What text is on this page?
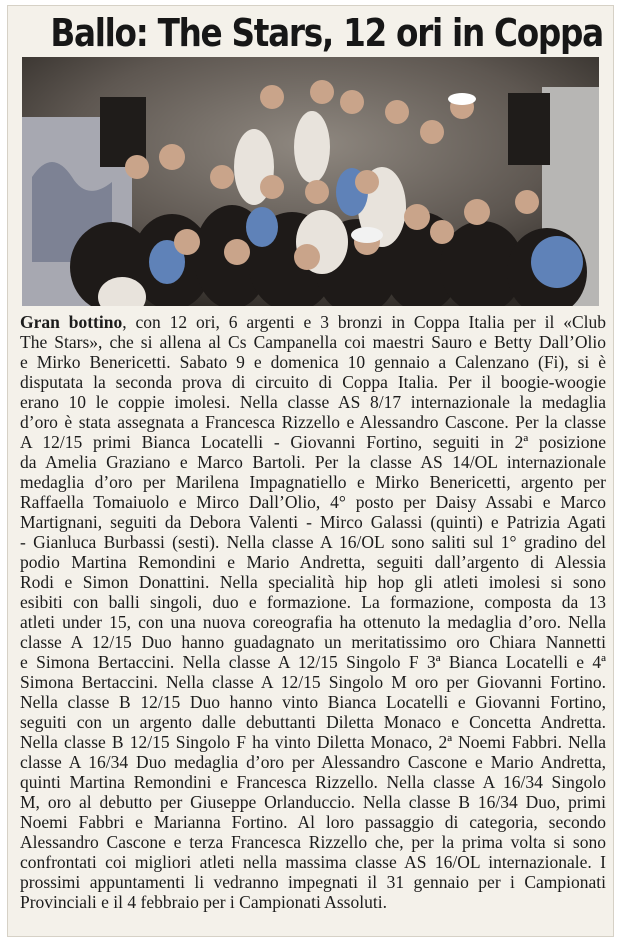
Ballo: The Stars, 12 ori in Coppa
Gran bottino, con 12 ori, 6 argenti e 3 bronzi in Coppa Italia per il «Club
The Stars», che si allena al Cs Campanella coi maestri Sauro e Betty Dall’Olio
e Mirko Benericetti. Sabato 9 e domenica 10 gennaio a Calenzano (Fi), si è
disputata la seconda prova di circuito di Coppa Italia. Per il boogie-woogie
erano 10 le coppie imolesi. Nella classe AS 8/17 internazionale la medaglia
d’oro è stata assegnata a Francesca Rizzello e Alessandro Cascone. Per la classe
A 12/15 primi Bianca Locatelli - Giovanni Fortino, seguiti in 2ª posizione
da Amelia Graziano e Marco Bartoli. Per la classe AS 14/OL internazionale
medaglia d’oro per Marilena Impagnatiello e Mirko Benericetti, argento per
Raffaella Tomaiuolo e Mirco Dall’Olio, 4° posto per Daisy Assabi e Marco
Martignani, seguiti da Debora Valenti - Mirco Galassi (quinti) e Patrizia Agati
- Gianluca Burbassi (sesti). Nella classe A 16/OL sono saliti sul 1° gradino del
podio Martina Remondini e Mario Andretta, seguiti dall’argento di Alessia
Rodi e Simon Donattini. Nella specialità hip hop gli atleti imolesi si sono
esibiti con balli singoli, duo e formazione. La formazione, composta da 13
atleti under 15, con una nuova coreografia ha ottenuto la medaglia d’oro. Nella
classe A 12/15 Duo hanno guadagnato un meritatissimo oro Chiara Nannetti
e Simona Bertaccini. Nella classe A 12/15 Singolo F 3ª Bianca Locatelli e 4ª
Simona Bertaccini. Nella classe A 12/15 Singolo M oro per Giovanni Fortino.
Nella classe B 12/15 Duo hanno vinto Bianca Locatelli e Giovanni Fortino,
seguiti con un argento dalle debuttanti Diletta Monaco e Concetta Andretta.
Nella classe B 12/15 Singolo F ha vinto Diletta Monaco, 2ª Noemi Fabbri. Nella
classe A 16/34 Duo medaglia d’oro per Alessandro Cascone e Mario Andretta,
quinti Martina Remondini e Francesca Rizzello. Nella classe A 16/34 Singolo
M, oro al debutto per Giuseppe Orlanduccio. Nella classe B 16/34 Duo, primi
Noemi Fabbri e Marianna Fortino. Al loro passaggio di categoria, secondo
Alessandro Cascone e terza Francesca Rizzello che, per la prima volta si sono
confrontati coi migliori atleti nella massima classe AS 16/OL internazionale. I
prossimi appuntamenti li vedranno impegnati il 31 gennaio per i Campionati
Provinciali e il 4 febbraio per i Campionati Assoluti.
